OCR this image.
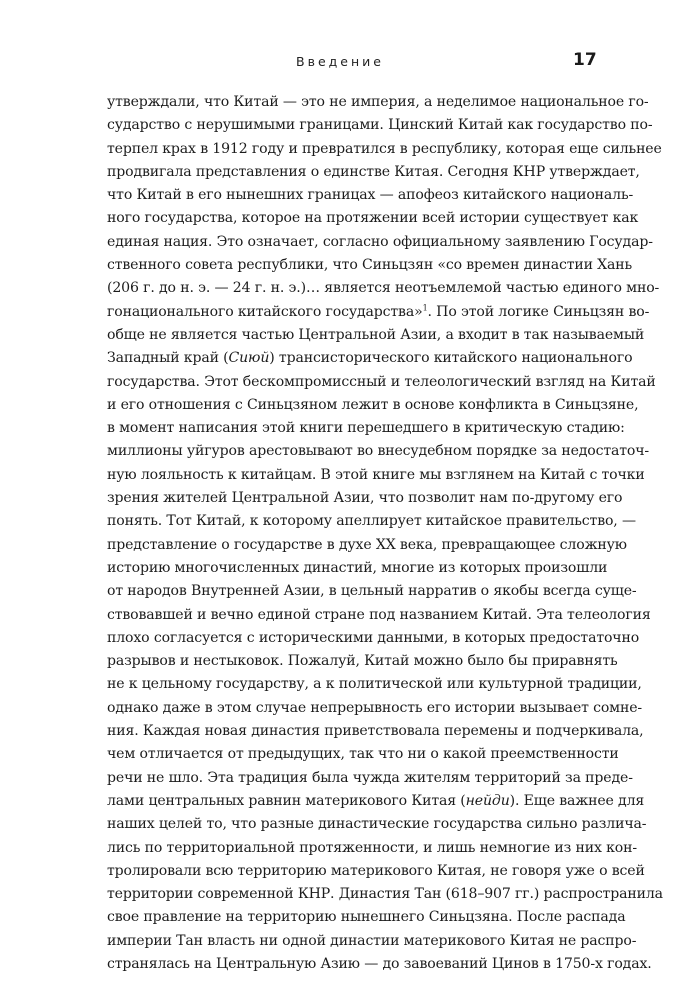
Введение	17
утверждали, что Китай — это не империя, а неделимое национальное го-
сударство с нерушимыми границами. Цинский Китай как государство по-
терпел крах в 1912 году и превратился в республику, которая еще сильнее
продвигала представления о единстве Китая. Сегодня КНР утверждает,
что Китай в его нынешних границах — апофеоз китайского националь-
ного государства, которое на протяжении всей истории существует как
единая нация. Это означает, согласно официальному заявлению Государ-
ственного совета республики, что Синьцзян «со времен династии Хань
(206 г. до н. э. — 24 г. н. э.)… является неотъемлемой частью единого мно-
гонационального китайского государства»$^1$. По этой логике Синьцзян во-
обще не является частью Центральной Азии, а входит в так называемый
Западный край (Сиюй) трансисторического китайского национального
государства. Этот бескомпромиссный и телеологический взгляд на Китай
и его отношения с Синьцзяном лежит в основе конфликта в Синьцзяне,
в момент написания этой книги перешедшего в критическую стадию:
миллионы уйгуров арестовывают во внесудебном порядке за недостаточ-
ную лояльность к китайцам. В этой книге мы взглянем на Китай с точки
зрения жителей Центральной Азии, что позволит нам по-другому его
понять. Тот Китай, к которому апеллирует китайское правительство, —
представление о государстве в духе XX века, превращающее сложную
историю многочисленных династий, многие из которых произошли
от народов Внутренней Азии, в цельный нарратив о якобы всегда суще-
ствовавшей и вечно единой стране под названием Китай. Эта телеология
плохо согласуется с историческими данными, в которых предостаточно
разрывов и нестыковок. Пожалуй, Китай можно было бы приравнять
не к цельному государству, а к политической или культурной традиции,
однако даже в этом случае непрерывность его истории вызывает сомне-
ния. Каждая новая династия приветствовала перемены и подчеркивала,
чем отличается от предыдущих, так что ни о какой преемственности
речи не шло. Эта традиция была чужда жителям территорий за преде-
лами центральных равнин материкового Китая (нейди). Еще важнее для
наших целей то, что разные династические государства сильно различа-
лись по территориальной протяженности, и лишь немногие из них кон-
тролировали всю территорию материкового Китая, не говоря уже о всей
территории современной КНР. Династия Тан (618–907 гг.) распространила
свое правление на территорию нынешнего Синьцзяна. После распада
империи Тан власть ни одной династии материкового Китая не распро-
странялась на Центральную Азию — до завоеваний Цинов в 1750-х годах.
